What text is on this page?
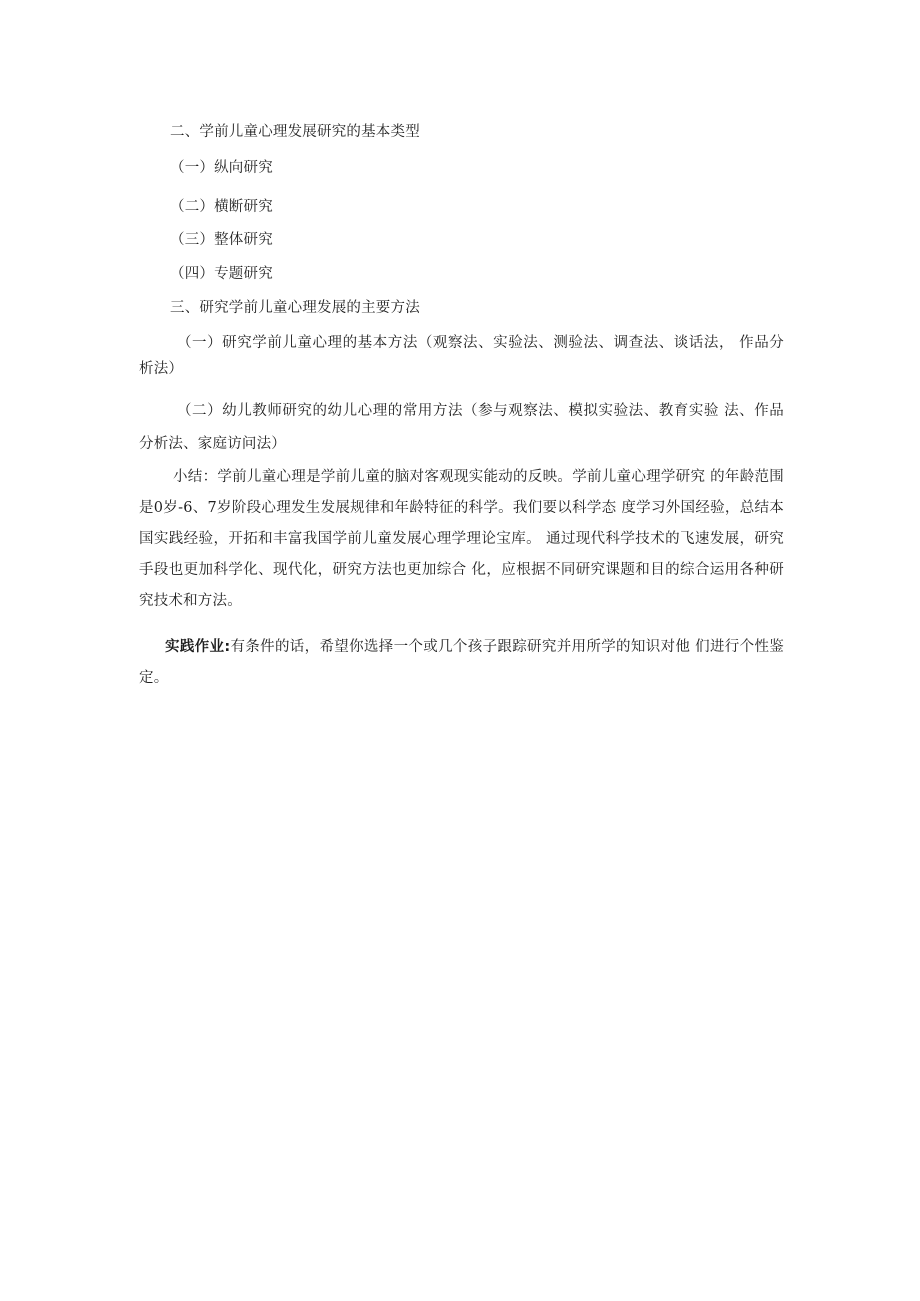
二、学前儿童心理发展研究的基本类型
（一）纵向研究
（二）横断研究
（三）整体研究
（四）专题研究
三、研究学前儿童心理发展的主要方法
（一）研究学前儿童心理的基本方法（观察法、实验法、测验法、调查法、谈话法， 作品分析法）
（二）幼儿教师研究的幼儿心理的常用方法（参与观察法、模拟实验法、教育实验 法、作品分析法、家庭访问法）
小结：学前儿童心理是学前儿童的脑对客观现实能动的反映。学前儿童心理学研究 的年龄范围是0岁-6、7岁阶段心理发生发展规律和年龄特征的科学。我们要以科学态 度学习外国经验，总结本国实践经验，开拓和丰富我国学前儿童发展心理学理论宝库。 通过现代科学技术的飞速发展，研究手段也更加科学化、现代化，研究方法也更加综合 化，应根据不同研究课题和目的综合运用各种研究技术和方法。
实践作业:有条件的话，希望你选择一个或几个孩子跟踪研究并用所学的知识对他 们进行个性鉴定。
